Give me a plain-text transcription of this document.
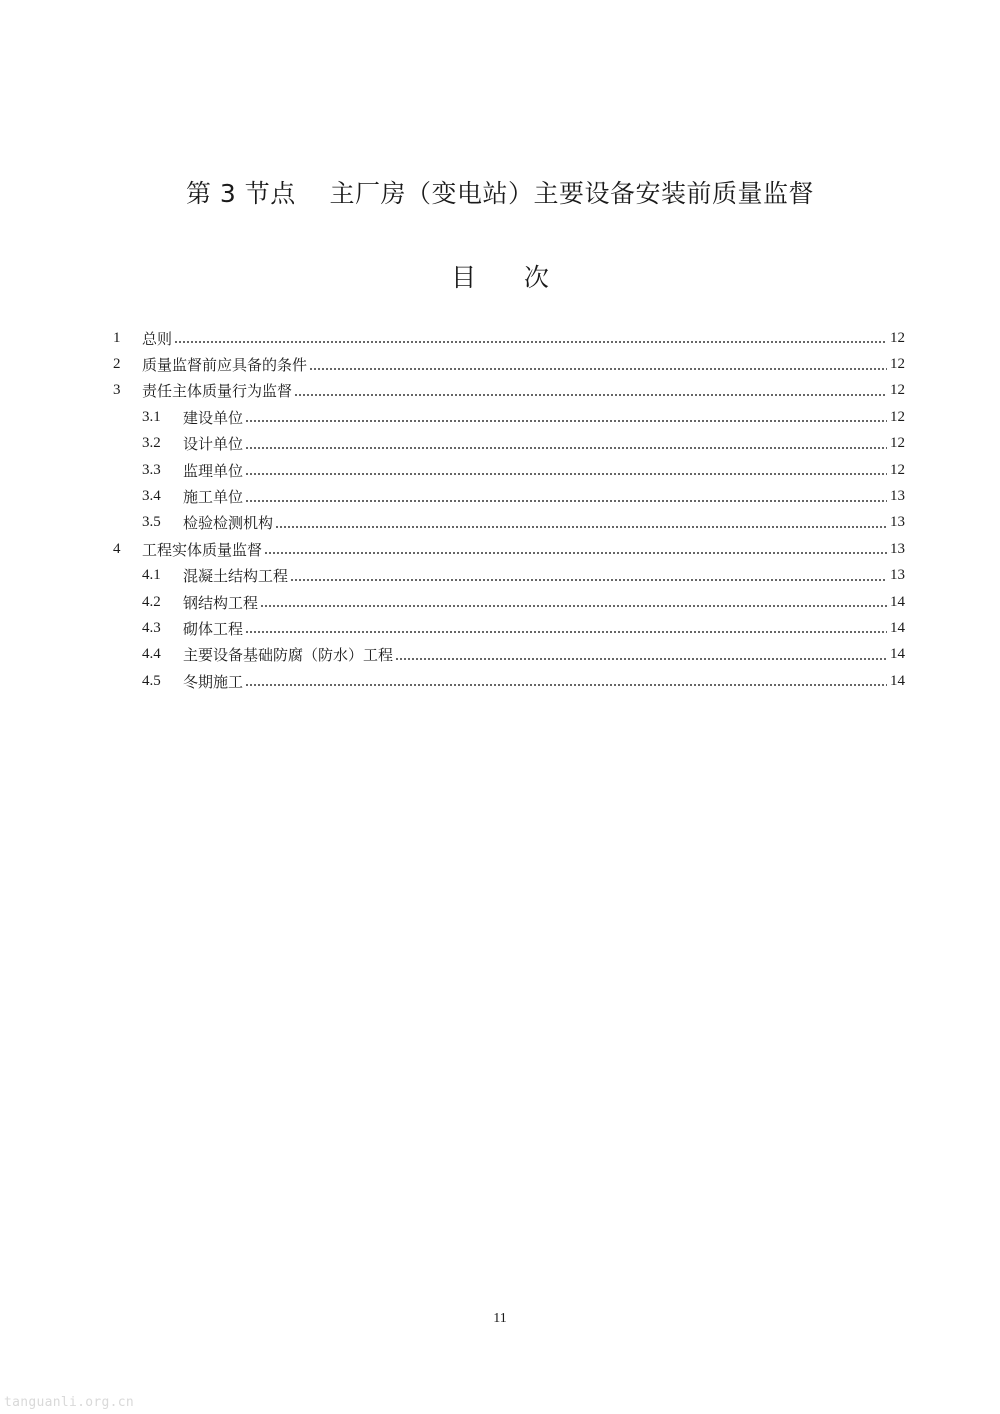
第 3 节点    主厂房（变电站）主要设备安装前质量监督
目      次
1	总则	12
2	质量监督前应具备的条件	12
3	责任主体质量行为监督	12
3.1	建设单位	12
3.2	设计单位	12
3.3	监理单位	12
3.4	施工单位	13
3.5	检验检测机构	13
4	工程实体质量监督	13
4.1	混凝土结构工程	13
4.2	钢结构工程	14
4.3	砌体工程	14
4.4	主要设备基础防腐（防水）工程	14
4.5	冬期施工	14
11
tanguanli.org.cn
